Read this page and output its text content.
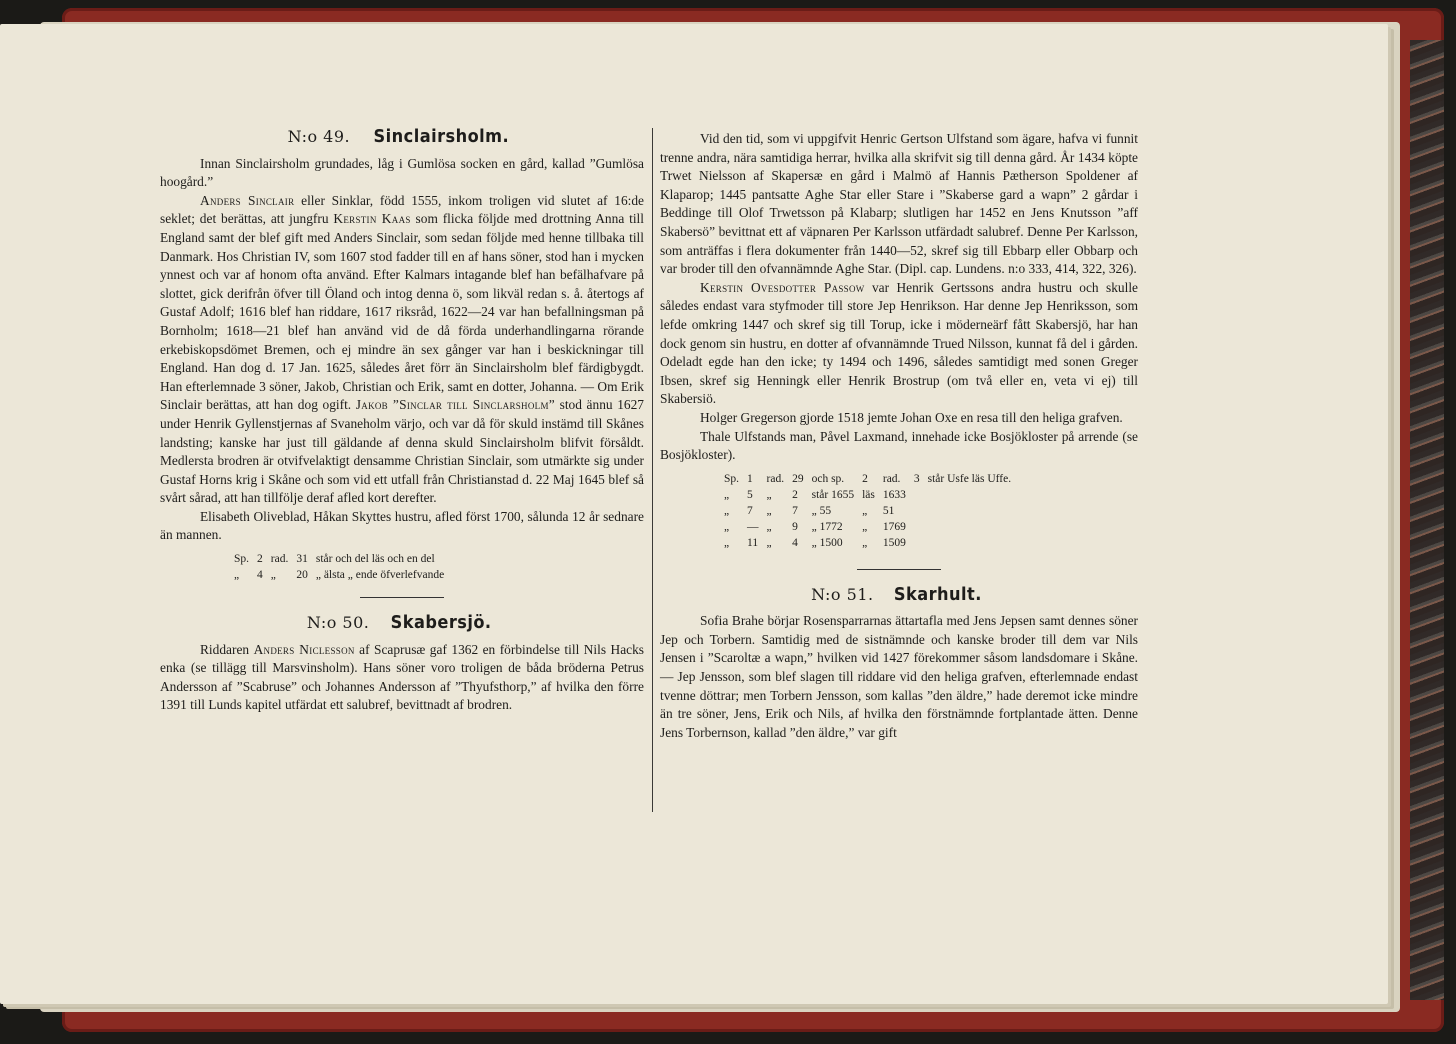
N:o 49. Sinclairsholm.

Innan Sinclairsholm grundades, låg i Gumlösa socken en gård, kallad ”Gumlösa hoogård.”

Anders Sinclair eller Sinklar, född 1555, inkom troligen vid slutet af 16:de seklet; det berättas, att jungfru Kerstin Kaas som flicka följde med drottning Anna till England samt der blef gift med Anders Sinclair, som sedan följde med henne tillbaka till Danmark. Hos Christian IV, som 1607 stod fadder till en af hans söner, stod han i mycken ynnest och var af honom ofta använd. Efter Kalmars intagande blef han befälhafvare på slottet, gick derifrån öfver till Öland och intog denna ö, som likväl redan s. å. återtogs af Gustaf Adolf; 1616 blef han riddare, 1617 riksråd, 1622—24 var han befallningsman på Bornholm; 1618—21 blef han använd vid de då förda underhandlingarna rörande erkebiskopsdömet Bremen, och ej mindre än sex gånger var han i beskickningar till England. Han dog d. 17 Jan. 1625, således året förr än Sinclairsholm blef färdigbygdt. Han efterlemnade 3 söner, Jakob, Christian och Erik, samt en dotter, Johanna. — Om Erik Sinclair berättas, att han dog ogift. Jakob ”Sinclar till Sinclarsholm” stod ännu 1627 under Henrik Gyllenstjernas af Svaneholm värjo, och var då för skuld instämd till Skånes landsting; kanske har just till gäldande af denna skuld Sinclairsholm blifvit försåldt. Medlersta brodren är otvifvelaktigt densamme Christian Sinclair, som utmärkte sig under Gustaf Horns krig i Skåne och som vid ett utfall från Christianstad d. 22 Maj 1645 blef så svårt sårad, att han tillfölje deraf afled kort derefter.

Elisabeth Oliveblad, Håkan Skyttes hustru, afled först 1700, sålunda 12 år sednare än mannen.

Sp.	2	rad.	31	står och del läs och en del
„	4	„	20	„ älsta „ ende öfverlefvande
N:o 50. Skabersjö.

Riddaren Anders Niclesson af Scaprusæ gaf 1362 en förbindelse till Nils Hacks enka (se tillägg till Marsvinsholm). Hans söner voro troligen de båda bröderna Petrus Andersson af ”Scabruse” och Johannes Andersson af ”Thyufsthorp,” af hvilka den förre 1391 till Lunds kapitel utfärdat ett salubref, bevittnadt af brodren.

Vid den tid, som vi uppgifvit Henric Gertson Ulfstand som ägare, hafva vi funnit trenne andra, nära samtidiga herrar, hvilka alla skrifvit sig till denna gård. År 1434 köpte Trwet Nielsson af Skapersæ en gård i Malmö af Hannis Pætherson Spoldener af Klaparop; 1445 pantsatte Aghe Star eller Stare i ”Skaberse gard a wapn” 2 gårdar i Beddinge till Olof Trwetsson på Klabarp; slutligen har 1452 en Jens Knutsson ”aff Skabersö” bevittnat ett af väpnaren Per Karlsson utfärdadt salubref. Denne Per Karlsson, som anträffas i flera dokumenter från 1440—52, skref sig till Ebbarp eller Obbarp och var broder till den ofvannämnde Aghe Star. (Dipl. cap. Lundens. n:o 333, 414, 322, 326).

Kerstin Ovesdotter Passow var Henrik Gertssons andra hustru och skulle således endast vara styfmoder till store Jep Henrikson. Har denne Jep Henriksson, som lefde omkring 1447 och skref sig till Torup, icke i möderneärf fått Skabersjö, har han dock genom sin hustru, en dotter af ofvannämnde Trued Nilsson, kunnat få del i gården. Odeladt egde han den icke; ty 1494 och 1496, således samtidigt med sonen Greger Ibsen, skref sig Henningk eller Henrik Brostrup (om två eller en, veta vi ej) till Skabersiö.

Holger Gregerson gjorde 1518 jemte Johan Oxe en resa till den heliga grafven.

Thale Ulfstands man, Påvel Laxmand, innehade icke Bosjökloster på arrende (se Bosjökloster).

Sp.	1	rad.	29	och sp.	2	rad.	3	står Usfe läs Uffe.
„	5	„	2	står 1655	läs	1633		
„	7	„	7	„ 55	„	51		
„	—	„	9	„ 1772	„	1769		
„	11	„	4	„ 1500	„	1509		
N:o 51. Skarhult.

Sofia Brahe börjar Rosensparrarnas ättartafla med Jens Jepsen samt dennes söner Jep och Torbern. Samtidig med de sistnämnde och kanske broder till dem var Nils Jensen i ”Scaroltæ a wapn,” hvilken vid 1427 förekommer såsom landsdomare i Skåne. — Jep Jensson, som blef slagen till riddare vid den heliga grafven, efterlemnade endast tvenne döttrar; men Torbern Jensson, som kallas ”den äldre,” hade deremot icke mindre än tre söner, Jens, Erik och Nils, af hvilka den förstnämnde fortplantade ätten. Denne Jens Torbernson, kallad ”den äldre,” var gift
